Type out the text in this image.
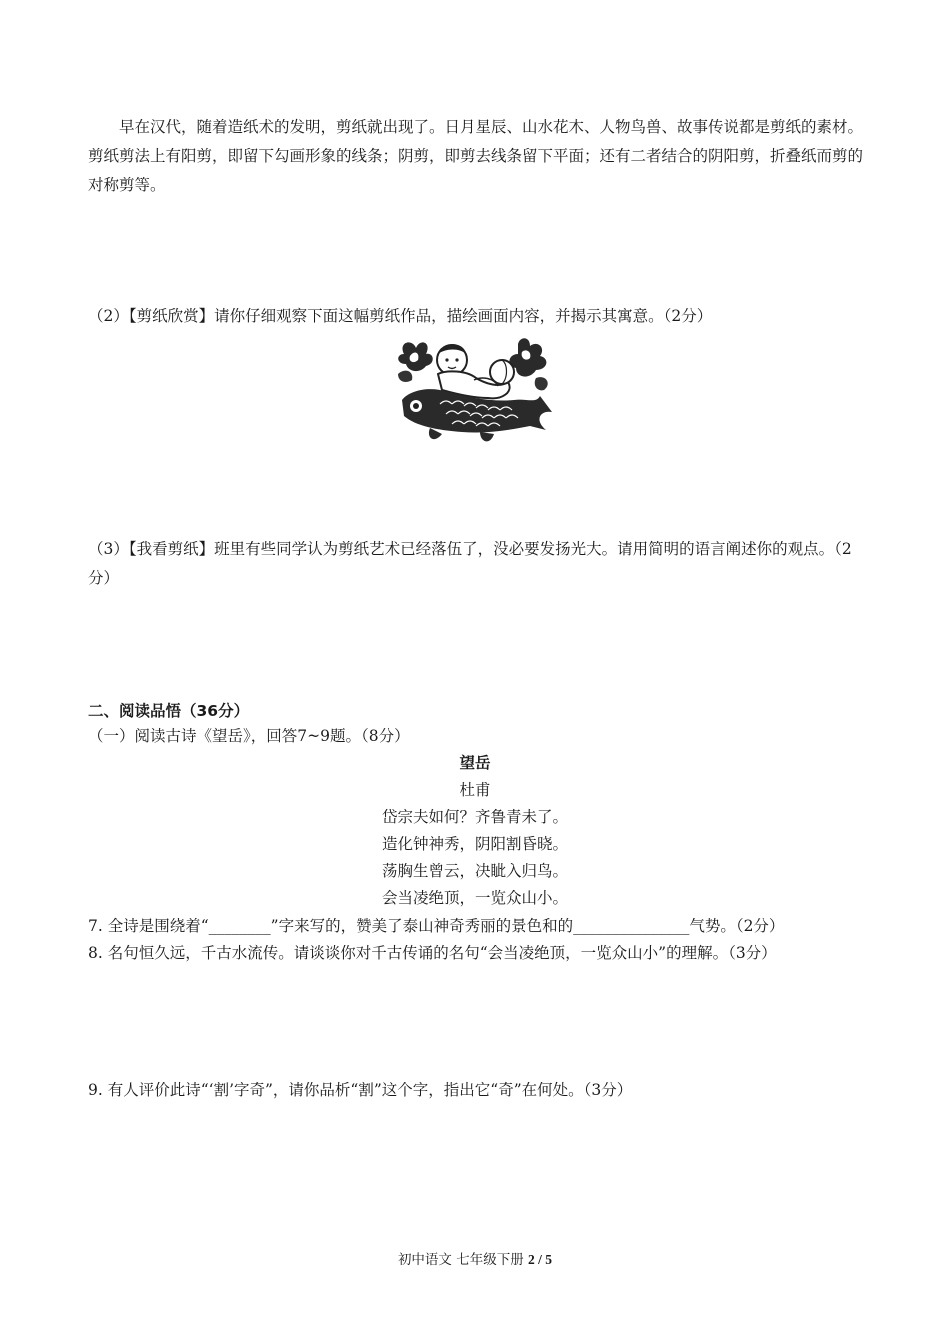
早在汉代，随着造纸术的发明，剪纸就出现了。日月星辰、山水花木、人物鸟兽、故事传说都是剪纸的素材。剪纸剪法上有阳剪，即留下勾画形象的线条；阴剪，即剪去线条留下平面；还有二者结合的阴阳剪，折叠纸而剪的对称剪等。

（2）【剪纸欣赏】请你仔细观察下面这幅剪纸作品，描绘画面内容，并揭示其寓意。（2分）

（3）【我看剪纸】班里有些同学认为剪纸艺术已经落伍了，没必要发扬光大。请用简明的语言阐述你的观点。（2分）

二、阅读品悟（36分）

（一）阅读古诗《望岳》，回答7~9题。（8分）

望岳

杜甫

岱宗夫如何？齐鲁青未了。

造化钟神秀，阴阳割昏晓。

荡胸生曾云，决眦入归鸟。

会当凌绝顶，一览众山小。

7. 全诗是围绕着“________”字来写的，赞美了泰山神奇秀丽的景色和的_______________气势。（2分）

8. 名句恒久远，千古水流传。请谈谈你对千古传诵的名句“会当凌绝顶，一览众山小”的理解。（3分）

9. 有人评价此诗“‘割’字奇”，请你品析“割”这个字，指出它“奇”在何处。（3分）

初中语文 七年级下册 2 / 5
